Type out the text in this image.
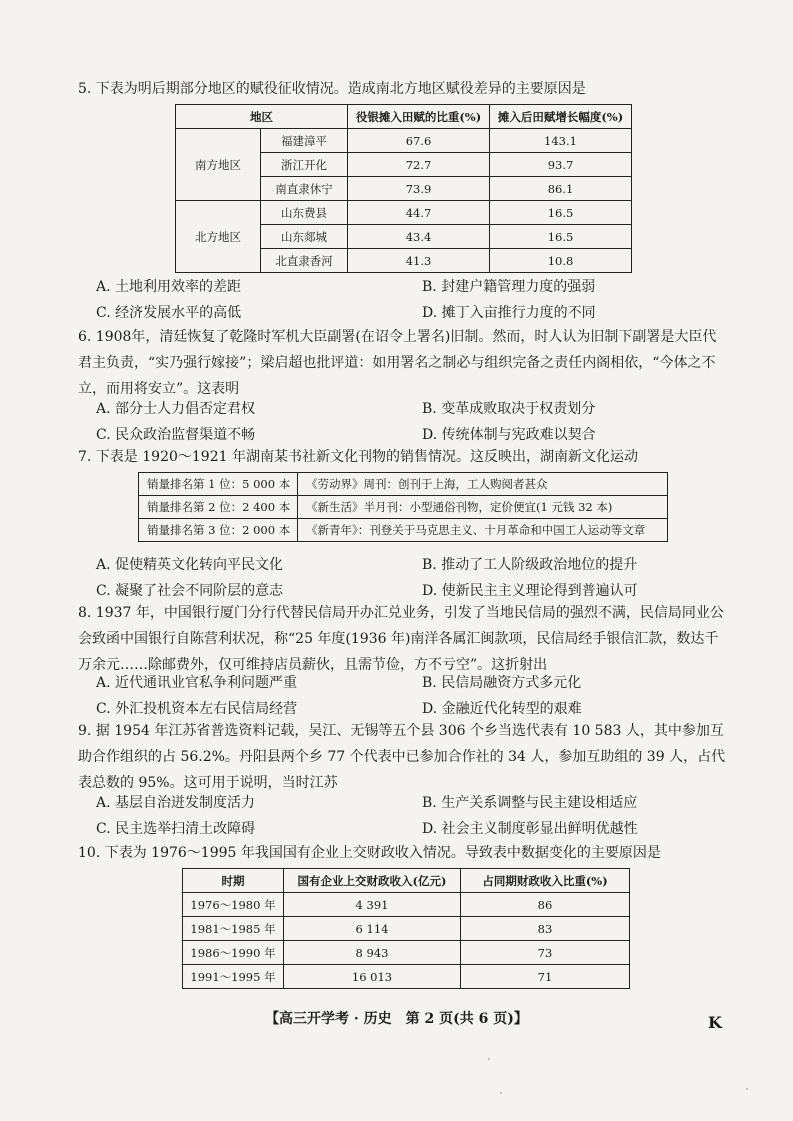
5. 下表为明后期部分地区的赋役征收情况。造成南北方地区赋役差异的主要原因是

地区		役银摊入田赋的比重(%)	摊入后田赋增长幅度(%)
南方地区	福建漳平	67.6	143.1
	浙江开化	72.7	93.7
	南直隶休宁	73.9	86.1
北方地区	山东费县	44.7	16.5
	山东郯城	43.4	16.5
	北直隶香河	41.3	10.8
A. 土地利用效率的差距	B. 封建户籍管理力度的强弱
C. 经济发展水平的高低	D. 摊丁入亩推行力度的不同

6. 1908年，清廷恢复了乾隆时军机大臣副署(在诏令上署名)旧制。然而，时人认为旧制下副署是大臣代君主负责，“实乃强行嫁接”；梁启超也批评道：如用署名之制必与组织完备之责任内阁相依，“今体之不立，而用将安立”。这表明

A. 部分士人力倡否定君权	B. 变革成败取决于权责划分
C. 民众政治监督渠道不畅	D. 传统体制与宪政难以契合

7. 下表是 1920～1921 年湖南某书社新文化刊物的销售情况。这反映出，湖南新文化运动

销量排名第 1 位：5 000 本	《劳动界》周刊：创刊于上海，工人购阅者甚众
销量排名第 2 位：2 400 本	《新生活》半月刊：小型通俗刊物，定价便宜(1 元钱 32 本)
销量排名第 3 位：2 000 本	《新青年》：刊登关于马克思主义、十月革命和中国工人运动等文章
A. 促使精英文化转向平民文化	B. 推动了工人阶级政治地位的提升
C. 凝聚了社会不同阶层的意志	D. 使新民主主义理论得到普遍认可

8. 1937 年，中国银行厦门分行代替民信局开办汇兑业务，引发了当地民信局的强烈不满，民信局同业公会致函中国银行自陈营利状况，称“25 年度(1936 年)南洋各属汇闽款项，民信局经手银信汇款，数达千万余元……除邮费外，仅可维持店员薪伙，且需节俭，方不亏空”。这折射出

A. 近代通讯业官私争利问题严重	B. 民信局融资方式多元化
C. 外汇投机资本左右民信局经营	D. 金融近代化转型的艰难

9. 据 1954 年江苏省普选资料记载，吴江、无锡等五个县 306 个乡当选代表有 10 583 人，其中参加互助合作组织的占 56.2%。丹阳县两个乡 77 个代表中已参加合作社的 34 人，参加互助组的 39 人，占代表总数的 95%。这可用于说明，当时江苏

A. 基层自治迸发制度活力	B. 生产关系调整与民主建设相适应
C. 民主选举扫清土改障碍	D. 社会主义制度彰显出鲜明优越性

10. 下表为 1976～1995 年我国国有企业上交财政收入情况。导致表中数据变化的主要原因是

时期	国有企业上交财政收入(亿元)	占同期财政收入比重(%)
1976～1980 年	4 391	86
1981～1985 年	6 114	83
1986～1990 年	8 943	73
1991～1995 年	16 013	71
【高三开学考 · 历史　第 2 页(共 6 页)】	K
